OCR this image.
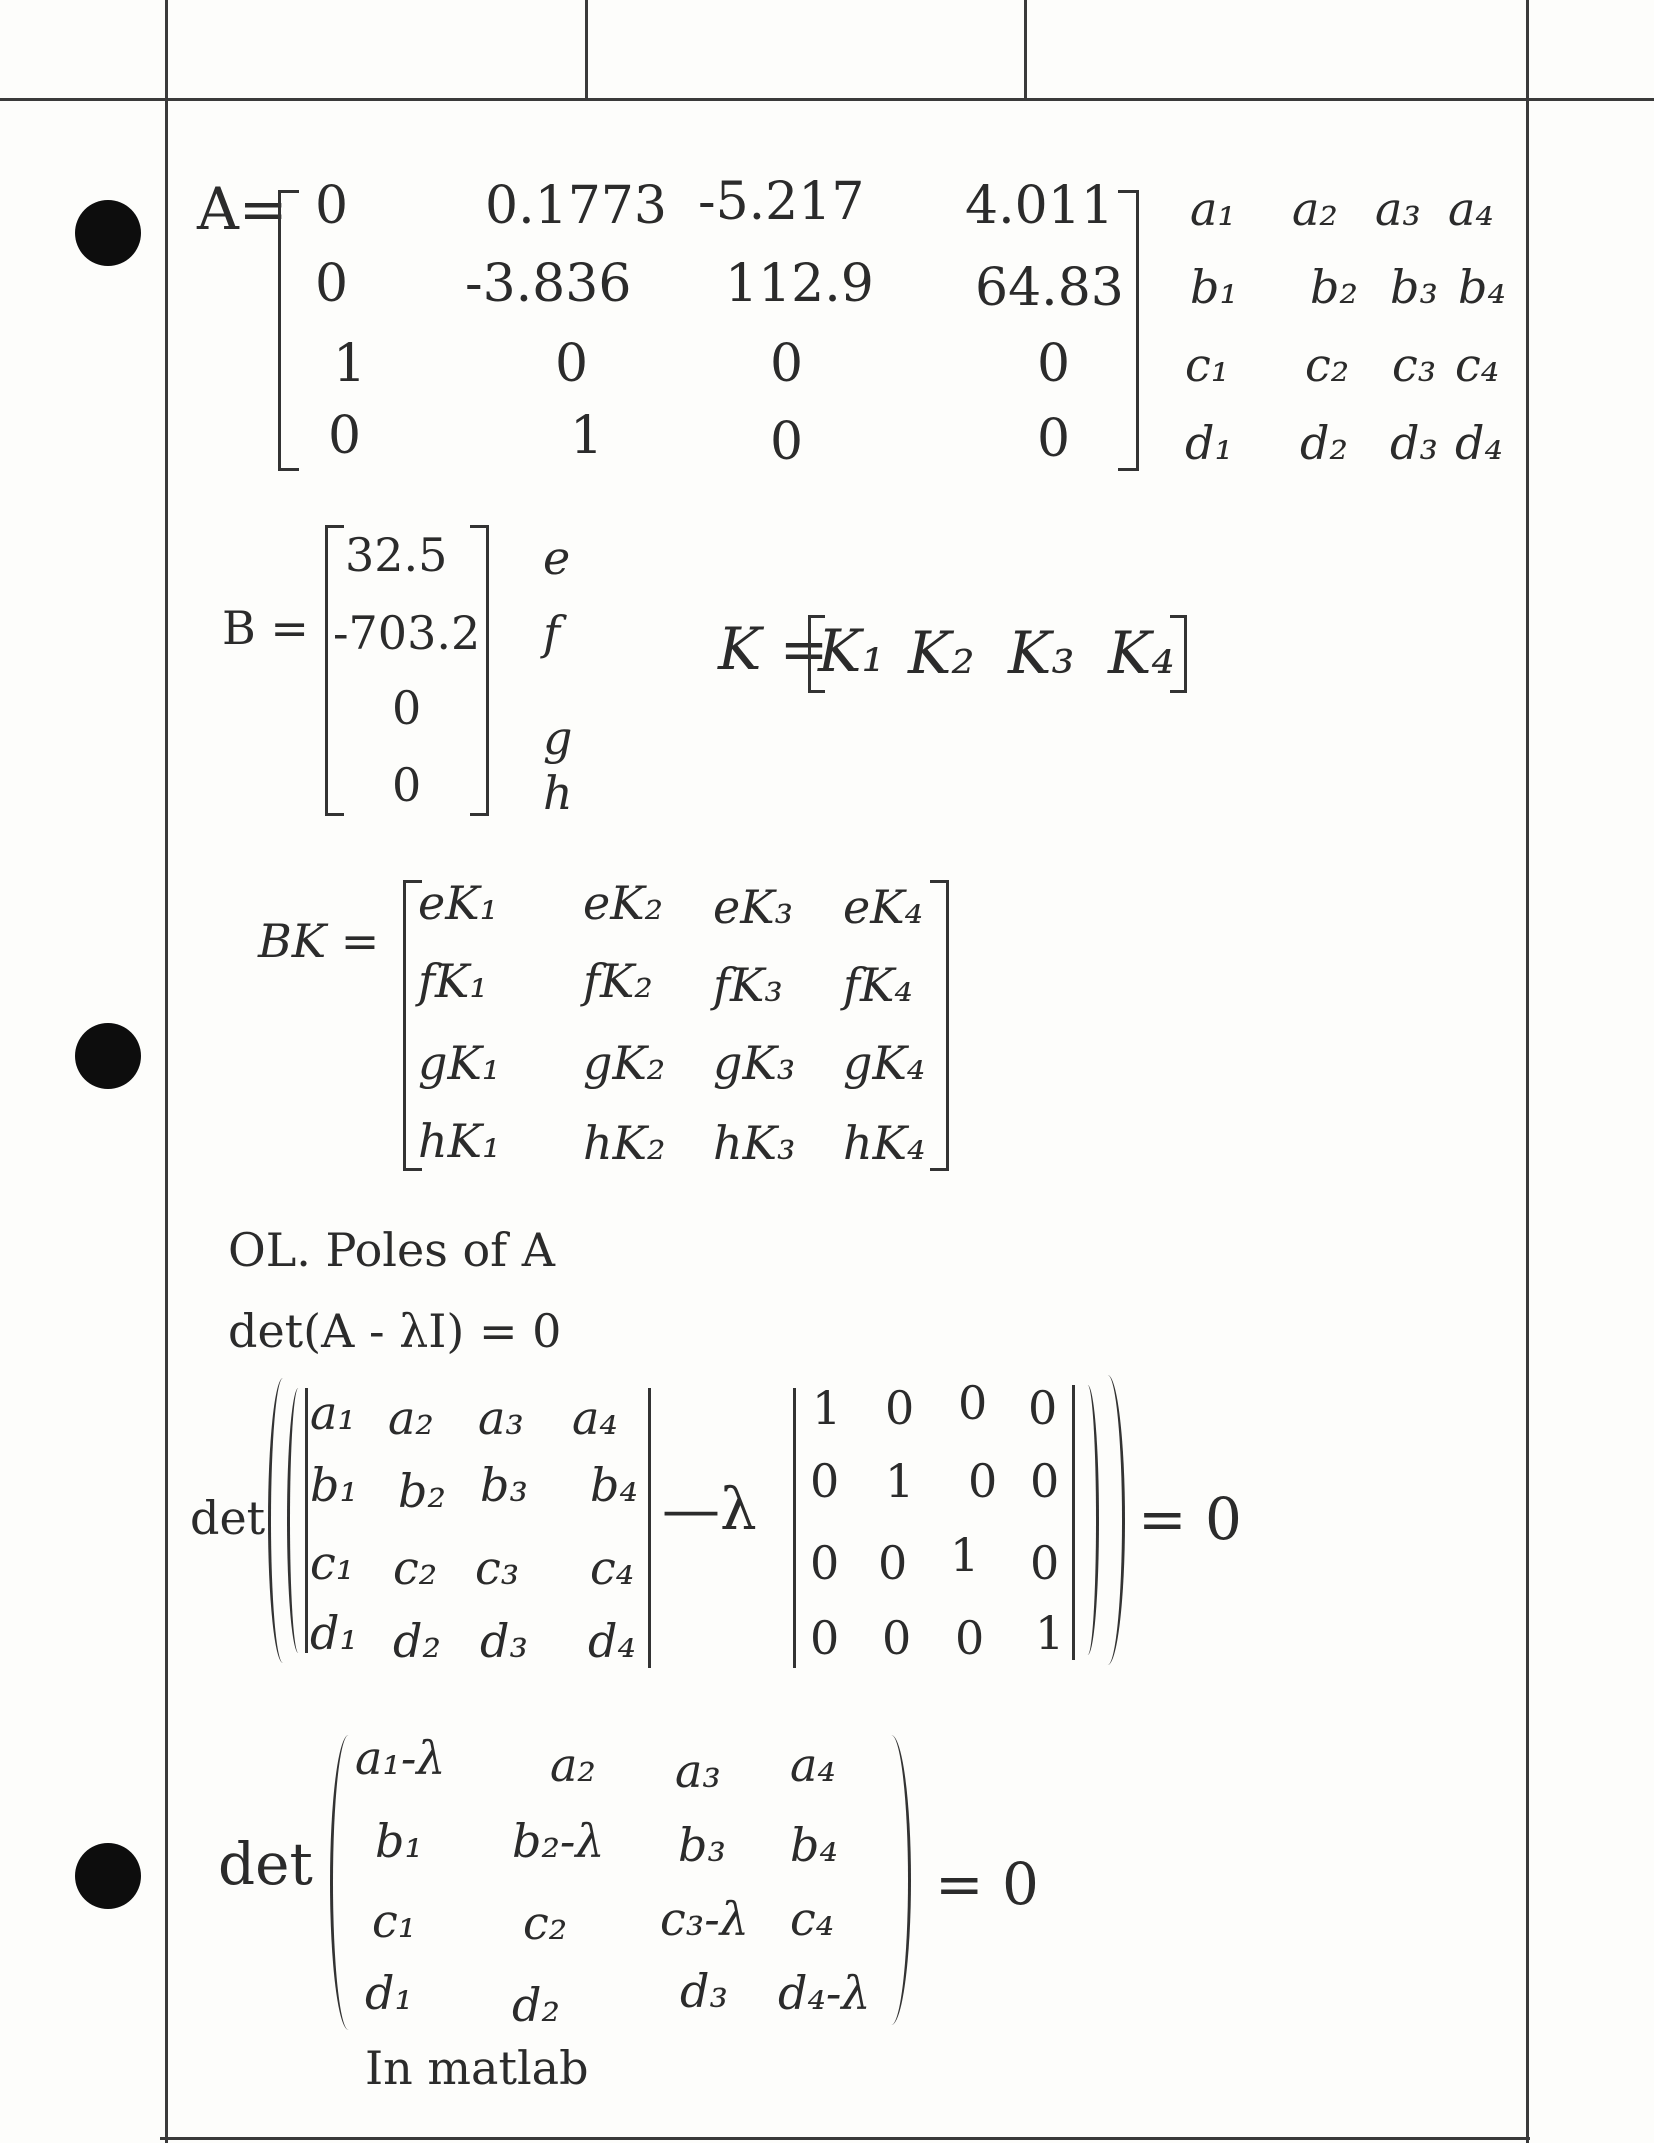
A= 0	0.1773 -5.217 4.011
0 -3.836 112.9 64.83
1	0	0	0
0	1	0	0
a₁ a₂ a₃ a₄
b₁ b₂ b₃ b₄
c₁ c₂ c₃ c₄
d₁ d₂ d₃ d₄
B =
32.5
-703.2
0
0
e
f
g
h
K =
K₁ K₂ K₃ K₄
BK =
eK₁ eK₂ eK₃ eK₄
fK₁ fK₂ fK₃ fK₄
gK₁ gK₂ gK₃ gK₄
hK₁ hK₂ hK₃ hK₄
OL. Poles of A
det(A - λI) = 0
det
a₁ a₂ a₃ a₄
b₁ b₂ b₃ b₄
c₁ c₂ c₃ c₄
d₁ d₂ d₃ d₄
—λ
1 0 0 0
0 1 0 0
0 0 1 0
0 0 0 1
= 0
det
a₁-λ a₂ a₃ a₄
b₁ b₂-λ b₃ b₄
c₁ c₂ c₃-λ c₄
d₁ d₂	d₃ d₄-λ
= 0
In matlab
